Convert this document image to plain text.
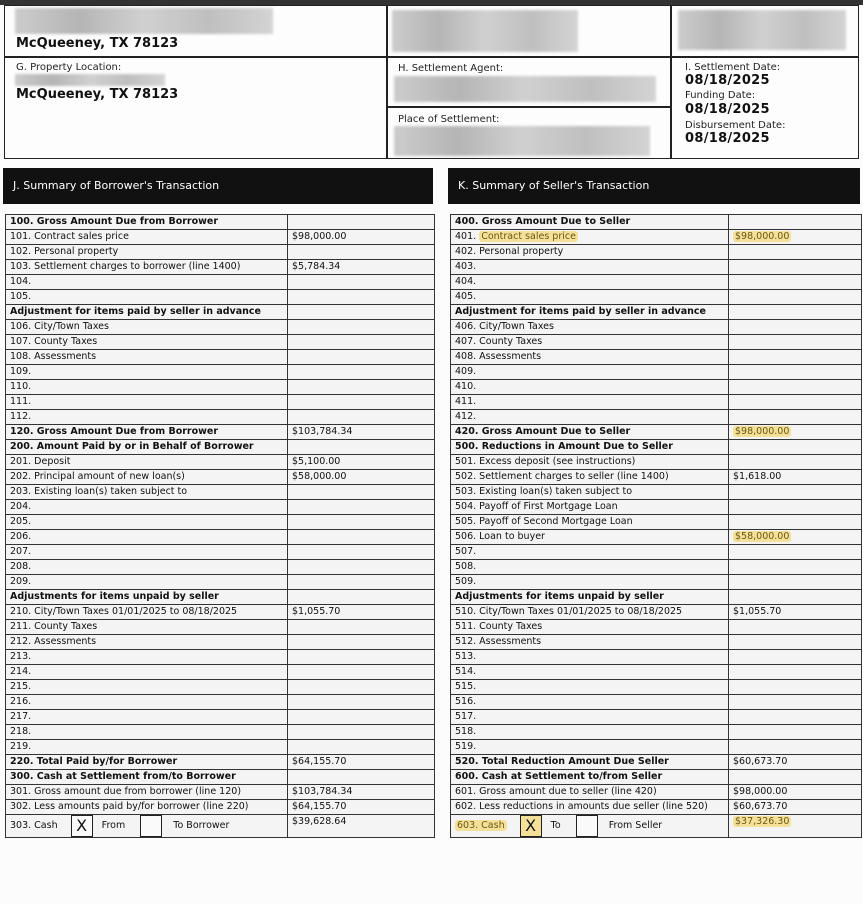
McQueeney, TX 78123
G. Property Location:
McQueeney, TX 78123
H. Settlement Agent:
Place of Settlement:
I. Settlement Date:
08/18/2025
Funding Date:
08/18/2025
Disbursement Date:
08/18/2025
J. Summary of Borrower's Transaction	K. Summary of Seller's Transaction
100. Gross Amount Due from Borrower	
101. Contract sales price	$98,000.00
102. Personal property	
103. Settlement charges to borrower (line 1400)	$5,784.34
104.	
105.	
Adjustment for items paid by seller in advance	
106. City/Town Taxes	
107. County Taxes	
108. Assessments	
109.	
110.	
111.	
112.	
120. Gross Amount Due from Borrower	$103,784.34
200. Amount Paid by or in Behalf of Borrower	
201. Deposit	$5,100.00
202. Principal amount of new loan(s)	$58,000.00
203. Existing loan(s) taken subject to	
204.	
205.	
206.	
207.	
208.	
209.	
Adjustments for items unpaid by seller	
210. City/Town Taxes 01/01/2025 to 08/18/2025	$1,055.70
211. County Taxes	
212. Assessments	
213.	
214.	
215.	
216.	
217.	
218.	
219.	
220. Total Paid by/for Borrower	$64,155.70
300. Cash at Settlement from/to Borrower	
301. Gross amount due from borrower (line 120)	$103,784.34
302. Less amounts paid by/for borrower (line 220)	$64,155.70
303. Cash X From To Borrower	$39,628.64
400. Gross Amount Due to Seller	
401. Contract sales price	$98,000.00
402. Personal property	
403.	
404.	
405.	
Adjustment for items paid by seller in advance	
406. City/Town Taxes	
407. County Taxes	
408. Assessments	
409.	
410.	
411.	
412.	
420. Gross Amount Due to Seller	$98,000.00
500. Reductions in Amount Due to Seller	
501. Excess deposit (see instructions)	
502. Settlement charges to seller (line 1400)	$1,618.00
503. Existing loan(s) taken subject to	
504. Payoff of First Mortgage Loan	
505. Payoff of Second Mortgage Loan	
506. Loan to buyer	$58,000.00
507.	
508.	
509.	
Adjustments for items unpaid by seller	
510. City/Town Taxes 01/01/2025 to 08/18/2025	$1,055.70
511. County Taxes	
512. Assessments	
513.	
514.	
515.	
516.	
517.	
518.	
519.	
520. Total Reduction Amount Due Seller	$60,673.70
600. Cash at Settlement to/from Seller	
601. Gross amount due to seller (line 420)	$98,000.00
602. Less reductions in amounts due seller (line 520)	$60,673.70
603. Cash X To From Seller	$37,326.30
